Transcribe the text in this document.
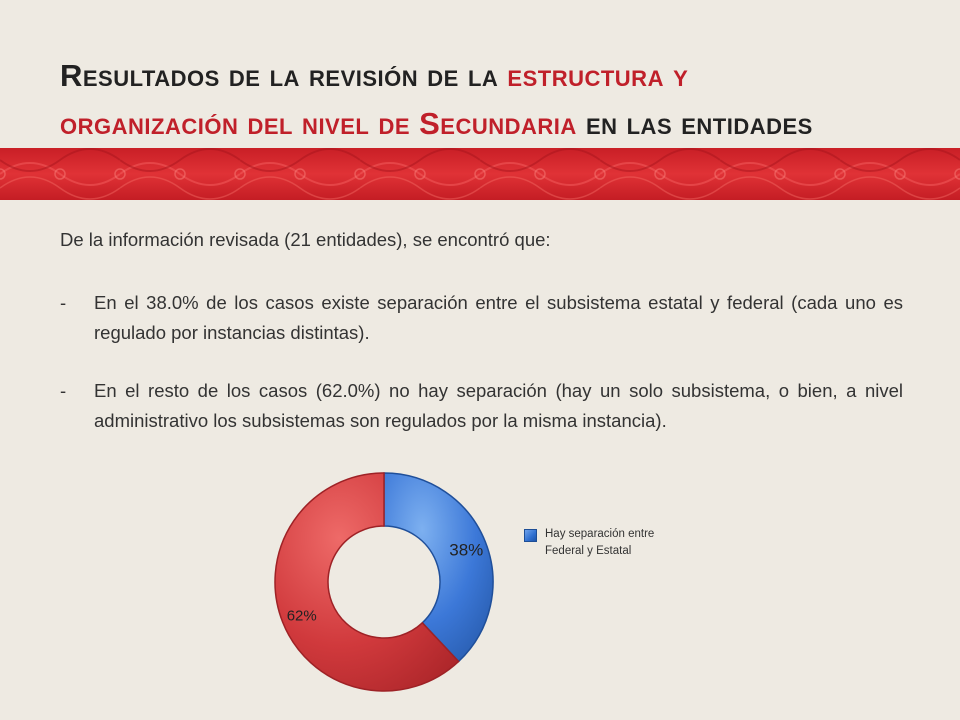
Resultados de la revisión de la estructura y
organización del nivel de Secundaria en las entidades
De la información revisada (21 entidades), se encontró que:
-	En el 38.0% de los casos existe separación entre el subsistema estatal y federal (cada uno es regulado por instancias distintas).
-	En el resto de los casos (62.0%) no hay separación (hay un solo subsistema, o bien, a nivel administrativo los subsistemas son regulados por la misma instancia).
38%
62%
Hay separación entre Federal y Estatal
